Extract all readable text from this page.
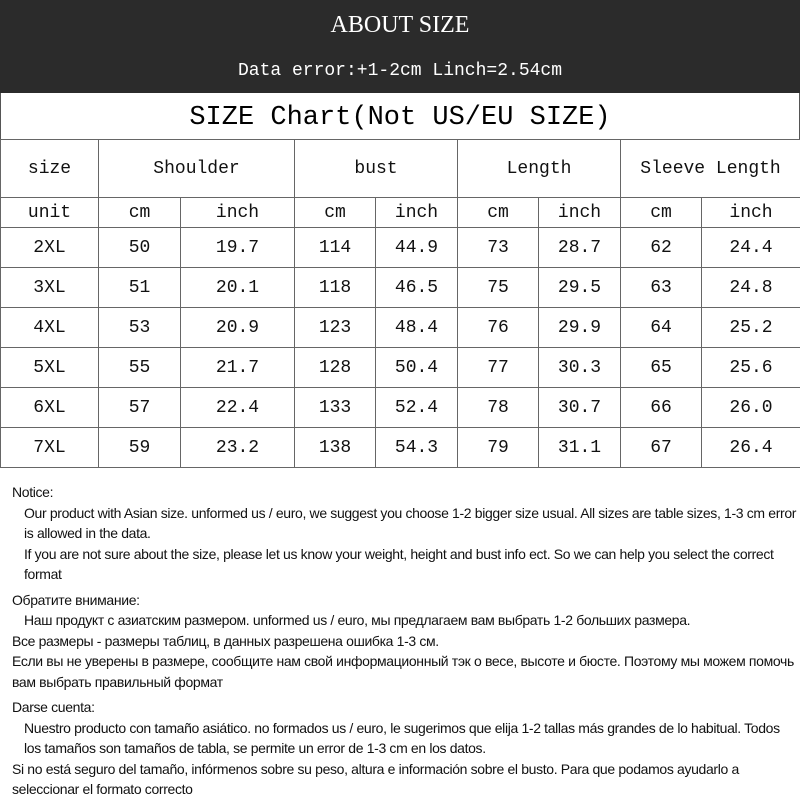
ABOUT SIZE
Data error:+1-2cm Linch=2.54cm
SIZE Chart(Not US/EU SIZE)
size	Shoulder	bust	Length	Sleeve Length
unit	cm	inch	cm	inch	cm	inch	cm	inch
2XL	50	19.7	114	44.9	73	28.7	62	24.4
3XL	51	20.1	118	46.5	75	29.5	63	24.8
4XL	53	20.9	123	48.4	76	29.9	64	25.2
5XL	55	21.7	128	50.4	77	30.3	65	25.6
6XL	57	22.4	133	52.4	78	30.7	66	26.0
7XL	59	23.2	138	54.3	79	31.1	67	26.4

Notice:

Our product with Asian size. unformed us / euro, we suggest you choose 1-2 bigger size usual. All sizes are table sizes, 1-3 cm error is allowed in the data.

If you are not sure about the size, please let us know your weight, height and bust info ect. So we can help you select the correct format

Обратите внимание:

Наш продукт с азиатским размером. unformed us / euro, мы предлагаем вам выбрать 1-2 больших размера.

Все размеры - размеры таблиц, в данных разрешена ошибка 1-3 см.

Если вы не уверены в размере, сообщите нам свой информационный тэк о весе, высоте и бюсте. Поэтому мы можем помочь вам выбрать правильный формат

Darse cuenta:

Nuestro producto con tamaño asiático. no formados us / euro, le sugerimos que elija 1-2 tallas más grandes de lo habitual. Todos los tamaños son tamaños de tabla, se permite un error de 1-3 cm en los datos.

Si no está seguro del tamaño, infórmenos sobre su peso, altura e información sobre el busto. Para que podamos ayudarlo a seleccionar el formato correcto
